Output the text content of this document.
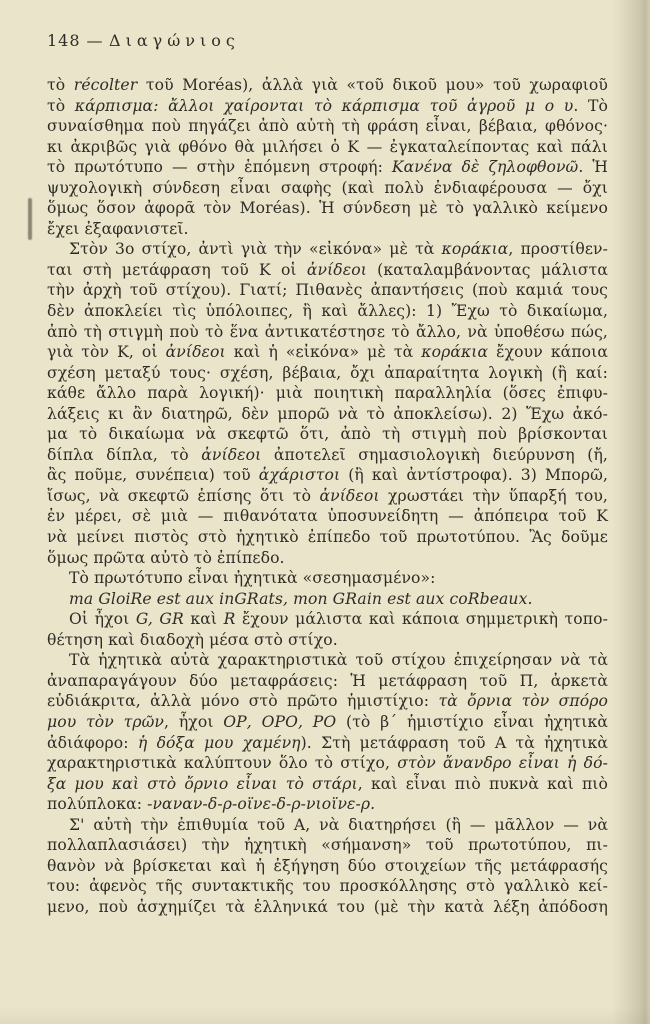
148 — Διαγώνιος
τὸ récolter τοῦ Moréas), ἀλλὰ γιὰ «τοῦ δικοῦ μου» τοῦ χωραφιοῦ
τὸ κάρπισμα: ἄλλοι χαίρονται τὸ κάρπισμα τοῦ ἀγροῦ μ ο υ. Τὸ
συναίσθημα ποὺ πηγάζει ἀπὸ αὐτὴ τὴ φράση εἶναι, βέβαια, φθόνος·
κι ἀκριβῶς γιὰ φθόνο θὰ μιλήσει ὁ Κ — ἐγκαταλείποντας καὶ πάλι
τὸ πρωτότυπο — στὴν ἑπόμενη στροφή: Κανένα δὲ ζηλοφθονῶ. Ἡ
ψυχολογικὴ σύνδεση εἶναι σαφὴς (καὶ πολὺ ἐνδιαφέρουσα — ὄχι
ὅμως ὅσον ἀφορᾶ τὸν Moréas). Ἡ σύνδεση μὲ τὸ γαλλικὸ κείμενο
ἔχει ἐξαφανιστεῖ.
Στὸν 3ο στίχο, ἀντὶ γιὰ τὴν «εἰκόνα» μὲ τὰ κοράκια, προστίθεν-
ται στὴ μετάφραση τοῦ Κ οἱ ἀνίδεοι (καταλαμβάνοντας μάλιστα
τὴν ἀρχὴ τοῦ στίχου). Γιατί; Πιθανὲς ἀπαντήσεις (ποὺ καμιά τους
δὲν ἀποκλείει τὶς ὑπόλοιπες, ἢ καὶ ἄλλες): 1) Ἔχω τὸ δικαίωμα,
ἀπὸ τὴ στιγμὴ ποὺ τὸ ἕνα ἀντικατέστησε τὸ ἄλλο, νὰ ὑποθέσω πώς,
γιὰ τὸν Κ, οἱ ἀνίδεοι καὶ ἡ «εἰκόνα» μὲ τὰ κοράκια ἔχουν κάποια
σχέση μεταξύ τους· σχέση, βέβαια, ὄχι ἀπαραίτητα λογικὴ (ἢ καί:
κάθε ἄλλο παρὰ λογική)· μιὰ ποιητικὴ παραλληλία (ὅσες ἐπιφυ-
λάξεις κι ἂν διατηρῶ, δὲν μπορῶ νὰ τὸ ἀποκλείσω). 2) Ἔχω ἀκό-
μα τὸ δικαίωμα νὰ σκεφτῶ ὅτι, ἀπὸ τὴ στιγμὴ ποὺ βρίσκονται
δίπλα δίπλα, τὸ ἀνίδεοι ἀποτελεῖ σημασιολογικὴ διεύρυνση (ἤ,
ἂς ποῦμε, συνέπεια) τοῦ ἀχάριστοι (ἢ καὶ ἀντίστροφα). 3) Μπορῶ,
ἴσως, νὰ σκεφτῶ ἐπίσης ὅτι τὸ ἀνίδεοι χρωστάει τὴν ὕπαρξή του,
ἐν μέρει, σὲ μιὰ — πιθανότατα ὑποσυνείδητη — ἀπόπειρα τοῦ Κ
νὰ μείνει πιστὸς στὸ ἠχητικὸ ἐπίπεδο τοῦ πρωτοτύπου. Ἂς δοῦμε
ὅμως πρῶτα αὐτὸ τὸ ἐπίπεδο.
Τὸ πρωτότυπο εἶναι ἠχητικὰ «σεσημασμένο»:
ma GloiRe est aux inGRats, mon GRain est aux coRbeaux.
Οἱ ἦχοι G, GR καὶ R ἔχουν μάλιστα καὶ κάποια σημμετρικὴ τοπο-
θέτηση καὶ διαδοχὴ μέσα στὸ στίχο.
Τὰ ἠχητικὰ αὐτὰ χαρακτηριστικὰ τοῦ στίχου ἐπιχείρησαν νὰ τὰ
ἀναπαραγάγουν δύο μεταφράσεις: Ἡ μετάφραση τοῦ Π, ἀρκετὰ
εὐδιάκριτα, ἀλλὰ μόνο στὸ πρῶτο ἡμιστίχιο: τὰ ὄρνια τὸν σπόρο
μου τὸν τρῶν, ἦχοι ΟΡ, ΟΡΟ, ΡΟ (τὸ β´ ἡμιστίχιο εἶναι ἠχητικὰ
ἀδιάφορο: ἡ δόξα μου χαμένη). Στὴ μετάφραση τοῦ Α τὰ ἠχητικὰ
χαρακτηριστικὰ καλύπτουν ὅλο τὸ στίχο, στὸν ἄνανδρο εἶναι ἡ δό-
ξα μου καὶ στὸ ὄρνιο εἶναι τὸ στάρι, καὶ εἶναι πιὸ πυκνὰ καὶ πιὸ
πολύπλοκα: -ναναν-δ-ρ-οϊνε-δ-ρ-νιοϊνε-ρ.
Σ' αὐτὴ τὴν ἐπιθυμία τοῦ Α, νὰ διατηρήσει (ἢ — μᾶλλον — νὰ
πολλαπλασιάσει) τὴν ἠχητικὴ «σήμανση» τοῦ πρωτοτύπου, πι-
θανὸν νὰ βρίσκεται καὶ ἡ ἐξήγηση δύο στοιχείων τῆς μετάφρασής
του: ἀφενὸς τῆς συντακτικῆς του προσκόλλησης στὸ γαλλικὸ κεί-
μενο, ποὺ ἀσχημίζει τὰ ἑλληνικά του (μὲ τὴν κατὰ λέξη ἀπόδοση
